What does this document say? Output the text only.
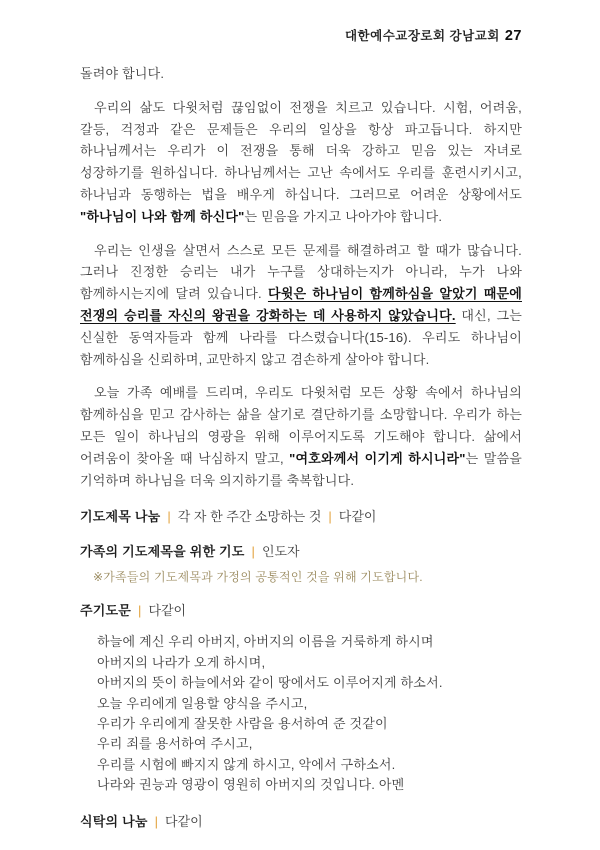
대한예수교장로회 강남교회 27

돌려야 합니다.

우리의 삶도 다윗처럼 끊임없이 전쟁을 치르고 있습니다. 시험, 어려움, 갈등, 걱정과 같은 문제들은 우리의 일상을 항상 파고듭니다. 하지만 하나님께서는 우리가 이 전쟁을 통해 더욱 강하고 믿음 있는 자녀로 성장하기를 원하십니다. 하나님께서는 고난 속에서도 우리를 훈련시키시고, 하나님과 동행하는 법을 배우게 하십니다. 그러므로 어려운 상황에서도 "하나님이 나와 함께 하신다"는 믿음을 가지고 나아가야 합니다.

우리는 인생을 살면서 스스로 모든 문제를 해결하려고 할 때가 많습니다. 그러나 진정한 승리는 내가 누구를 상대하는지가 아니라, 누가 나와 함께하시는지에 달려 있습니다. 다윗은 하나님이 함께하심을 알았기 때문에 전쟁의 승리를 자신의 왕권을 강화하는 데 사용하지 않았습니다. 대신, 그는 신실한 동역자들과 함께 나라를 다스렸습니다(15-16). 우리도 하나님이 함께하심을 신뢰하며, 교만하지 않고 겸손하게 살아야 합니다.

오늘 가족 예배를 드리며, 우리도 다윗처럼 모든 상황 속에서 하나님의 함께하심을 믿고 감사하는 삶을 살기로 결단하기를 소망합니다. 우리가 하는 모든 일이 하나님의 영광을 위해 이루어지도록 기도해야 합니다. 삶에서 어려움이 찾아올 때 낙심하지 말고, "여호와께서 이기게 하시니라"는 말씀을 기억하며 하나님을 더욱 의지하기를 축복합니다.

기도제목 나눔 | 각 자 한 주간 소망하는 것 | 다같이
가족의 기도제목을 위한 기도 | 인도자
※가족들의 기도제목과 가정의 공통적인 것을 위해 기도합니다.
주기도문 | 다같이
하늘에 계신 우리 아버지, 아버지의 이름을 거룩하게 하시며
아버지의 나라가 오게 하시며,
아버지의 뜻이 하늘에서와 같이 땅에서도 이루어지게 하소서.
오늘 우리에게 일용할 양식을 주시고,
우리가 우리에게 잘못한 사람을 용서하여 준 것같이
우리 죄를 용서하여 주시고,
우리를 시험에 빠지지 않게 하시고, 악에서 구하소서.
나라와 권능과 영광이 영원히 아버지의 것입니다. 아멘
식탁의 나눔 | 다같이
